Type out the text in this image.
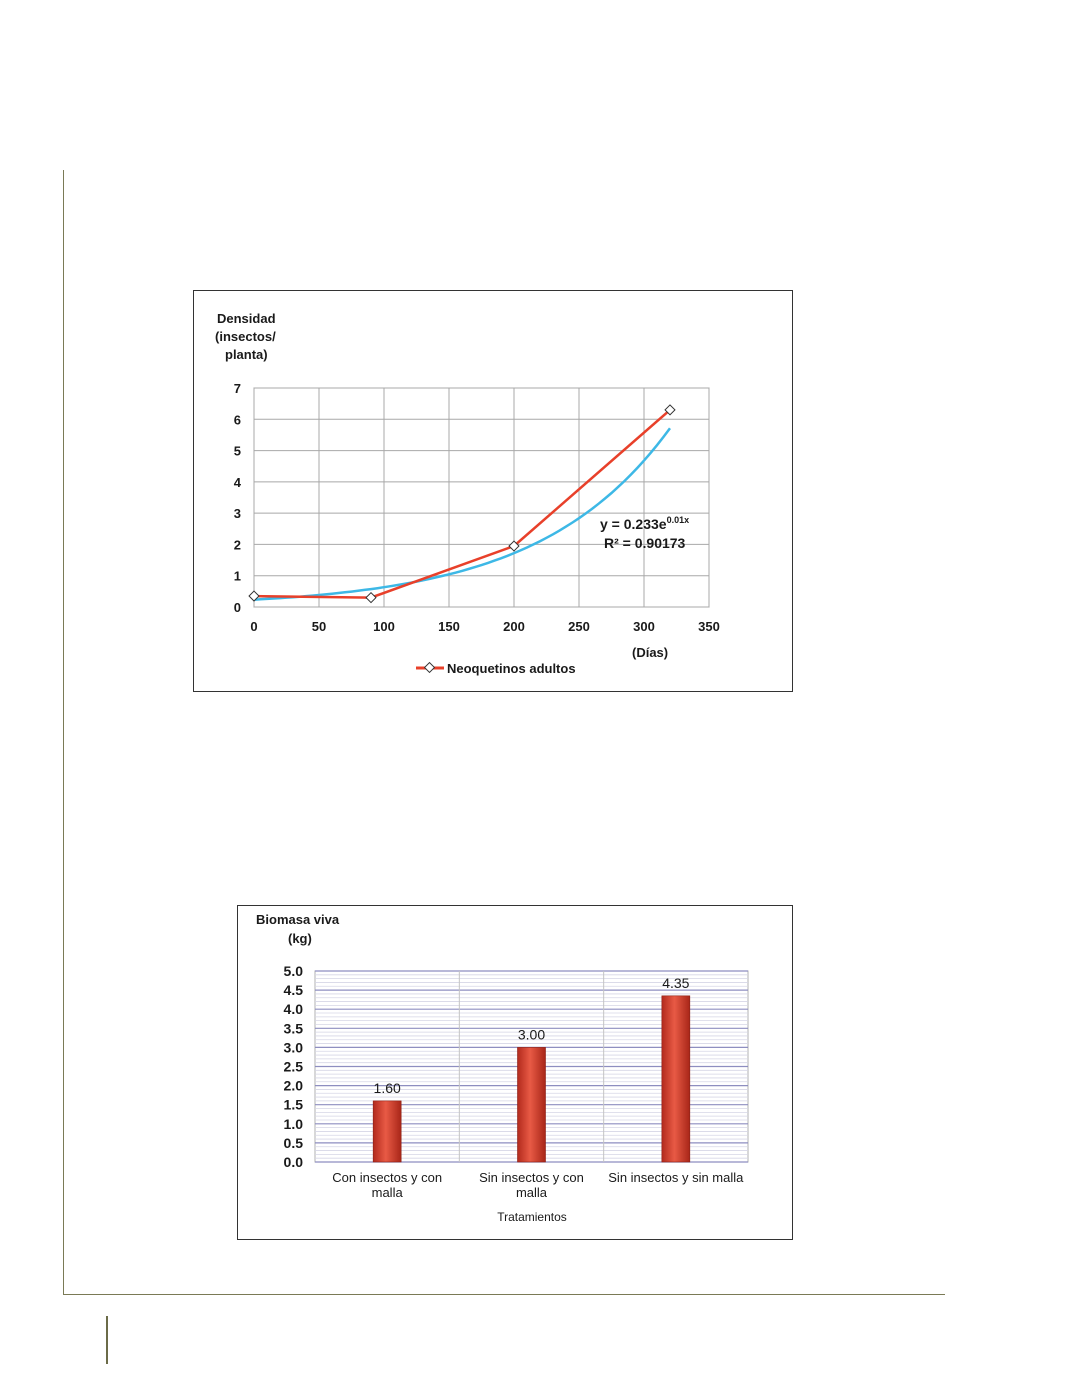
Densidad
(insectos/
planta)
0
1
2
3
4
5
6
7
0	50	100	150	200	250	300	350
(Días)
$y = 0.233e^{0.01x}$
R² = 0.90173
Neoquetinos adultos
Biomasa viva
(kg)
0.0
0.5
1.0
1.5
2.0
2.5
3.0
3.5
4.0
4.5
5.0
1.60
3.00
4.35
Con insectos y con
malla
Sin insectos y con
malla
Sin insectos y sin malla
Tratamientos
